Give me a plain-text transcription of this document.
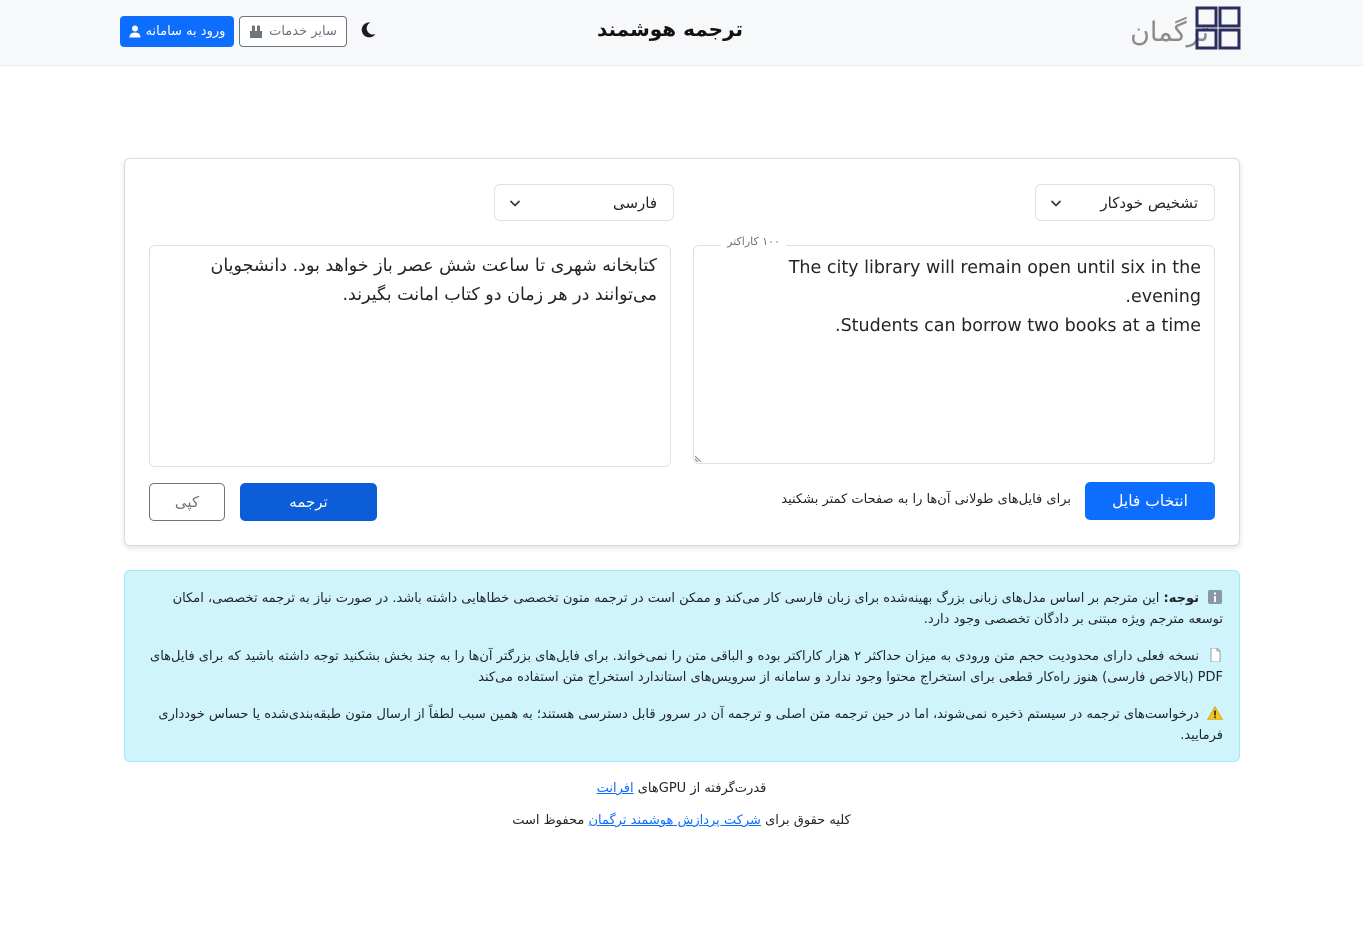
ترگمان
ترجمه هوشمند
سایر خدمات
ورود به سامانه
تشخیص خودکار
فارسی
The city library will remain open until six in the evening.
Students can borrow two books at a time.
۱۰۰ کاراکتر
کتابخانه شهری تا ساعت شش عصر باز خواهد بود. دانشجویان می‌توانند در هر زمان دو کتاب امانت بگیرند.
انتخاب فایل
برای فایل‌های طولانی آن‌ها را به صفحات کمتر بشکنید
ترجمه
کپی
توجه: این مترجم بر اساس مدل‌های زبانی بزرگ بهینه‌شده برای زبان فارسی کار می‌کند و ممکن است در ترجمه متون تخصصی خطاهایی داشته باشد. در صورت نیاز به ترجمه تخصصی، امکان توسعه مترجم ویژه مبتنی بر دادگان تخصصی وجود دارد.
نسخه فعلی دارای محدودیت حجم متن ورودی به میزان حداکثر ۲ هزار کاراکتر بوده و الباقی متن را نمی‌خواند. برای فایل‌های بزرگتر آن‌ها را به چند بخش بشکنید توجه داشته باشید که برای فایل‌های PDF (بالاخص فارسی) هنوز راه‌کار قطعی برای استخراج محتوا وجود ندارد و سامانه از سرویس‌های استاندارد استخراج متن استفاده می‌کند
درخواست‌های ترجمه در سیستم ذخیره نمی‌شوند، اما در حین ترجمه متن اصلی و ترجمه آن در سرور قابل دسترسی هستند؛ به همین سبب لطفاً از ارسال متون طبقه‌بندی‌شده یا حساس خودداری فرمایید.
قدرت‌گرفته از GPUهای افرانت
کلیه حقوق برای شرکت پردازش هوشمند ترگمان محفوظ است
